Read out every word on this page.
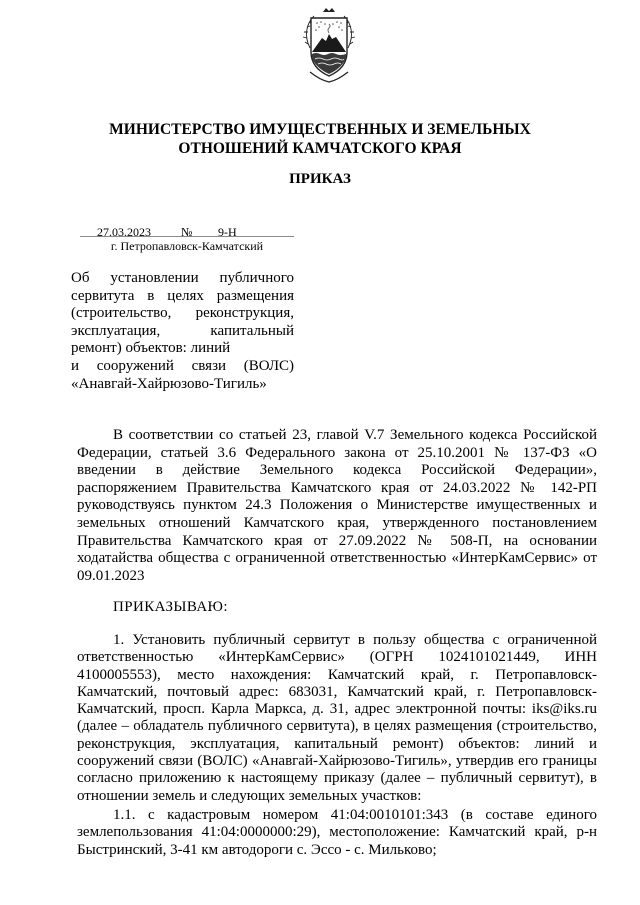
МИНИСТЕРСТВО ИМУЩЕСТВЕННЫХ И ЗЕМЕЛЬНЫХ
ОТНОШЕНИЙ КАМЧАТСКОГО КРАЯ
ПРИКАЗ
27.03.2023	№ 9-Н
г. Петропавловск-Камчатский
Об установлении публичного
сервитута в целях размещения
(строительство, реконструкция,
эксплуатация, капитальный
ремонт) объектов: линий
и сооружений связи (ВОЛС)
«Анавгай-Хайрюзово-Тигиль»

В соответствии со статьей 23, главой V.7 Земельного кодекса Российской Федерации, статьей 3.6 Федерального закона от 25.10.2001 № 137-ФЗ «О введении в действие Земельного кодекса Российской Федерации», распоряжением Правительства Камчатского края от 24.03.2022 № 142-РП руководствуясь пунктом 24.3 Положения о Министерстве имущественных и земельных отношений Камчатского края, утвержденного постановлением Правительства Камчатского края от 27.09.2022 № 508-П, на основании ходатайства общества с ограниченной ответственностью «ИнтерКамСервис» от 09.01.2023

ПРИКАЗЫВАЮ:

1. Установить публичный сервитут в пользу общества с ограниченной ответственностью «ИнтерКамСервис» (ОГРН 1024101021449, ИНН 4100005553), место нахождения: Камчатский край, г. Петропавловск-Камчатский, почтовый адрес: 683031, Камчатский край, г. Петропавловск-Камчатский, просп. Карла Маркса, д. 31, адрес электронной почты: iks@iks.ru (далее – обладатель публичного сервитута), в целях размещения (строительство, реконструкция, эксплуатация, капитальный ремонт) объектов: линий и сооружений связи (ВОЛС) «Анавгай-Хайрюзово-Тигиль», утвердив его границы согласно приложению к настоящему приказу (далее – публичный сервитут), в отношении земель и следующих земельных участков:

1.1. с кадастровым номером 41:04:0010101:343 (в составе единого землепользования 41:04:0000000:29), местоположение: Камчатский край, р-н Быстринский, 3-41 км автодороги с. Эссо - с. Мильково;
